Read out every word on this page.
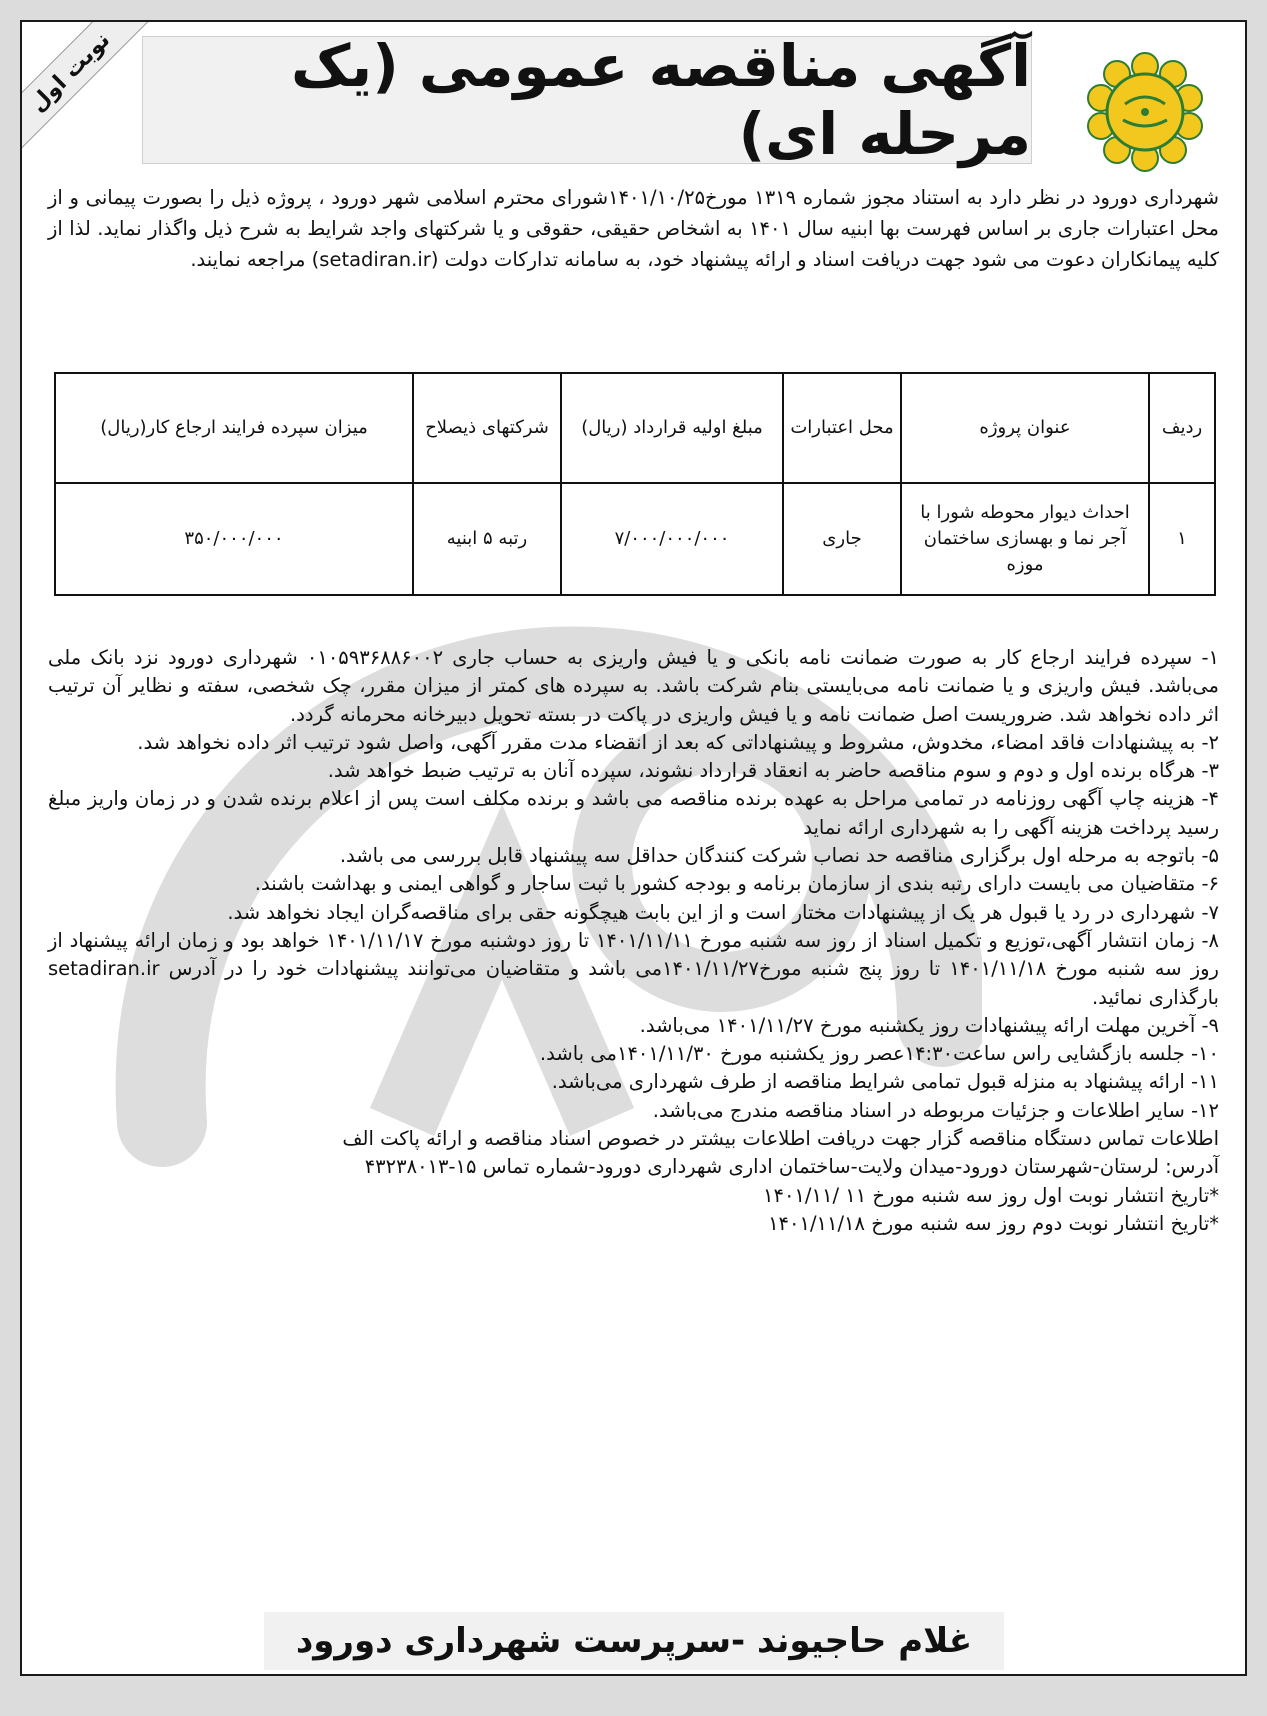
نوبت اول	آگهی مناقصه عمومی (یک مرحله ای)
شهرداری دورود در نظر دارد به استناد مجوز شماره ۱۳۱۹ مورخ۱۴۰۱/۱۰/۲۵شورای محترم اسلامی شهر دورود ، پروژه ذیل را بصورت پیمانی و از محل اعتبارات جاری بر اساس فهرست بها ابنیه سال ۱۴۰۱ به اشخاص حقیقی، حقوقی و یا شرکتهای واجد شرایط به شرح ذیل واگذار نماید. لذا از کلیه پیمانکاران دعوت می شود جهت دریافت اسناد و ارائه پیشنهاد خود، به سامانه تدارکات دولت (setadiran.ir) مراجعه نمایند.
ردیف	عنوان پروژه	محل اعتبارات	مبلغ اولیه قرارداد (ریال)	شرکتهای ذیصلاح	میزان سپرده فرایند ارجاع کار(ریال)
۱	احداث دیوار محوطه شورا با آجر نما و بهسازی ساختمان موزه	جاری	۷/۰۰۰/۰۰۰/۰۰۰	رتبه ۵ ابنیه	۳۵۰/۰۰۰/۰۰۰

۱- سپرده فرایند ارجاع کار به صورت ضمانت نامه بانکی و یا فیش واریزی به حساب جاری ۰۱۰۵۹۳۶۸۸۶۰۰۲ شهرداری دورود نزد بانک ملی می‌باشد. فیش واریزی و یا ضمانت نامه می‌بایستی بنام شرکت باشد. به سپرده های کمتر از میزان مقرر، چک شخصی، سفته و نظایر آن ترتیب اثر داده نخواهد شد. ضروریست اصل ضمانت نامه و یا فیش واریزی در پاکت در بسته تحویل دبیرخانه محرمانه گردد.

۲- به پیشنهادات فاقد امضاء، مخدوش، مشروط و پیشنهاداتی که بعد از انقضاء مدت مقرر آگهی، واصل شود ترتیب اثر داده نخواهد شد.

۳- هرگاه برنده اول و دوم و سوم مناقصه حاضر به انعقاد قرارداد نشوند، سپرده آنان به ترتیب ضبط خواهد شد.

۴- هزینه چاپ آگهی روزنامه در تمامی مراحل به عهده برنده مناقصه می باشد و برنده مکلف است پس از اعلام برنده شدن و در زمان واریز مبلغ رسید پرداخت هزینه آگهی را به شهرداری ارائه نماید

۵- باتوجه به مرحله اول برگزاری مناقصه حد نصاب شرکت کنندگان حداقل سه پیشنهاد قابل بررسی می باشد.

۶- متقاضیان می بایست دارای رتبه بندی از سازمان برنامه و بودجه کشور با ثبت ساجار و گواهی ایمنی و بهداشت باشند.

۷- شهرداری در رد یا قبول هر یک از پیشنهادات مختار است و از این بابت هیچگونه حقی برای مناقصه‌گران ایجاد نخواهد شد.

۸- زمان انتشار آگهی،توزیع و تکمیل اسناد از روز سه شنبه مورخ ۱۴۰۱/۱۱/۱۱ تا روز دوشنبه مورخ ۱۴۰۱/۱۱/۱۷ خواهد بود و زمان ارائه پیشنهاد از روز سه شنبه مورخ ۱۴۰۱/۱۱/۱۸ تا روز پنج شنبه مورخ۱۴۰۱/۱۱/۲۷می باشد و متقاضیان می‌توانند پیشنهادات خود را در آدرس setadiran.ir بارگذاری نمائید.

۹- آخرین مهلت ارائه پیشنهادات روز یکشنبه مورخ ۱۴۰۱/۱۱/۲۷ می‌باشد.

۱۰- جلسه بازگشایی راس ساعت۱۴:۳۰عصر روز یکشنبه مورخ ۱۴۰۱/۱۱/۳۰می باشد.

۱۱- ارائه پیشنهاد به منزله قبول تمامی شرایط مناقصه از طرف شهرداری می‌باشد.

۱۲- سایر اطلاعات و جزئیات مربوطه در اسناد مناقصه مندرج می‌باشد.

اطلاعات تماس دستگاه مناقصه گزار جهت دریافت اطلاعات بیشتر در خصوص اسناد مناقصه و ارائه پاکت الف

آدرس: لرستان-شهرستان دورود-میدان ولایت-ساختمان اداری شهرداری دورود-شماره تماس ۱۵-۴۳۲۳۸۰۱۳

*تاریخ انتشار نوبت اول روز سه شنبه مورخ ۱۱ /۱۴۰۱/۱۱

*تاریخ انتشار نوبت دوم روز سه شنبه مورخ ۱۴۰۱/۱۱/۱۸

غلام حاجیوند -سرپرست شهرداری دورود
